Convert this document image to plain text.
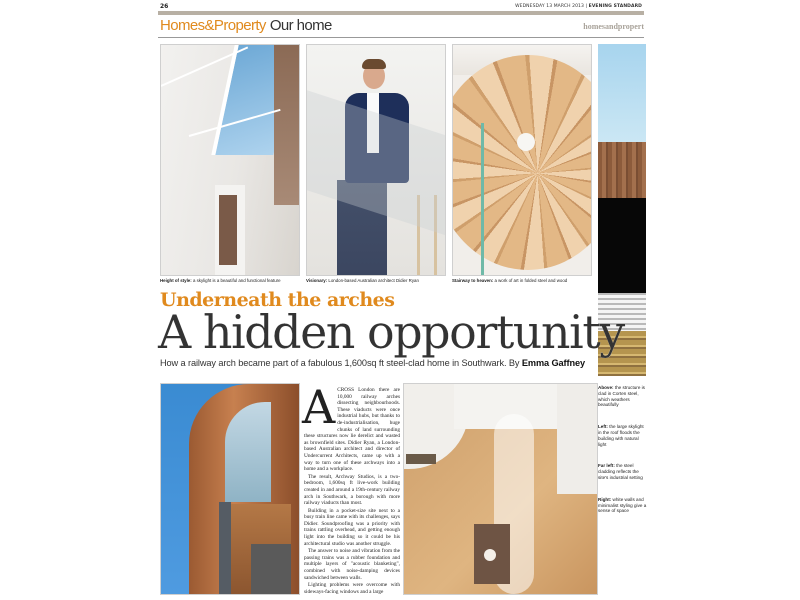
26	WEDNESDAY 13 MARCH 2013 | EVENING STANDARD
Homes&Property Our home	homesandpropert
Height of style: a skylight is a beautiful and functional feature	Visionary: London-based Australian architect Didier Ryan	Stairway to heaven: a work of art in folded steel and wood
Underneath the arches
A hidden opportunity
How a railway arch became part of a fabulous 1,600sq ft steel-clad home in Southwark. By Emma Gaffney

ACROSS London there are 10,000 railway arches dissecting neighbourhoods. These viaducts were once industrial hubs, but thanks to de-industrialisation, huge chunks of land surrounding these structures now lie derelict and wasted as brownfield sites. Didier Ryan, a London-based Australian architect and director of Undercurrent Architects, came up with a way to turn one of these archways into a home and a workplace.

The result, Archway Studios, is a two-bedroom, 1,600sq ft live-work building created in and around a 19th-century railway arch in Southwark, a borough with more railway viaducts than most.

Building in a pocket-size site next to a busy train line came with its challenges, says Didier. Soundproofing was a priority with trains rattling overhead, and getting enough light into the building so it could be his architectural studio was another struggle.

The answer to noise and vibration from the passing trains was a rubber foundation and multiple layers of "acoustic blanketing", combined with noise-damping devices sandwiched between walls.

Lighting problems were overcome with sideways-facing windows and a large

Above: the structure is clad in Corten steel, which weathers beautifully
Left: the large skylight in the roof floods the building with natural light
Far left: the steel cladding reflects the site's industrial setting
Right: white walls and minimalist styling give a sense of space
